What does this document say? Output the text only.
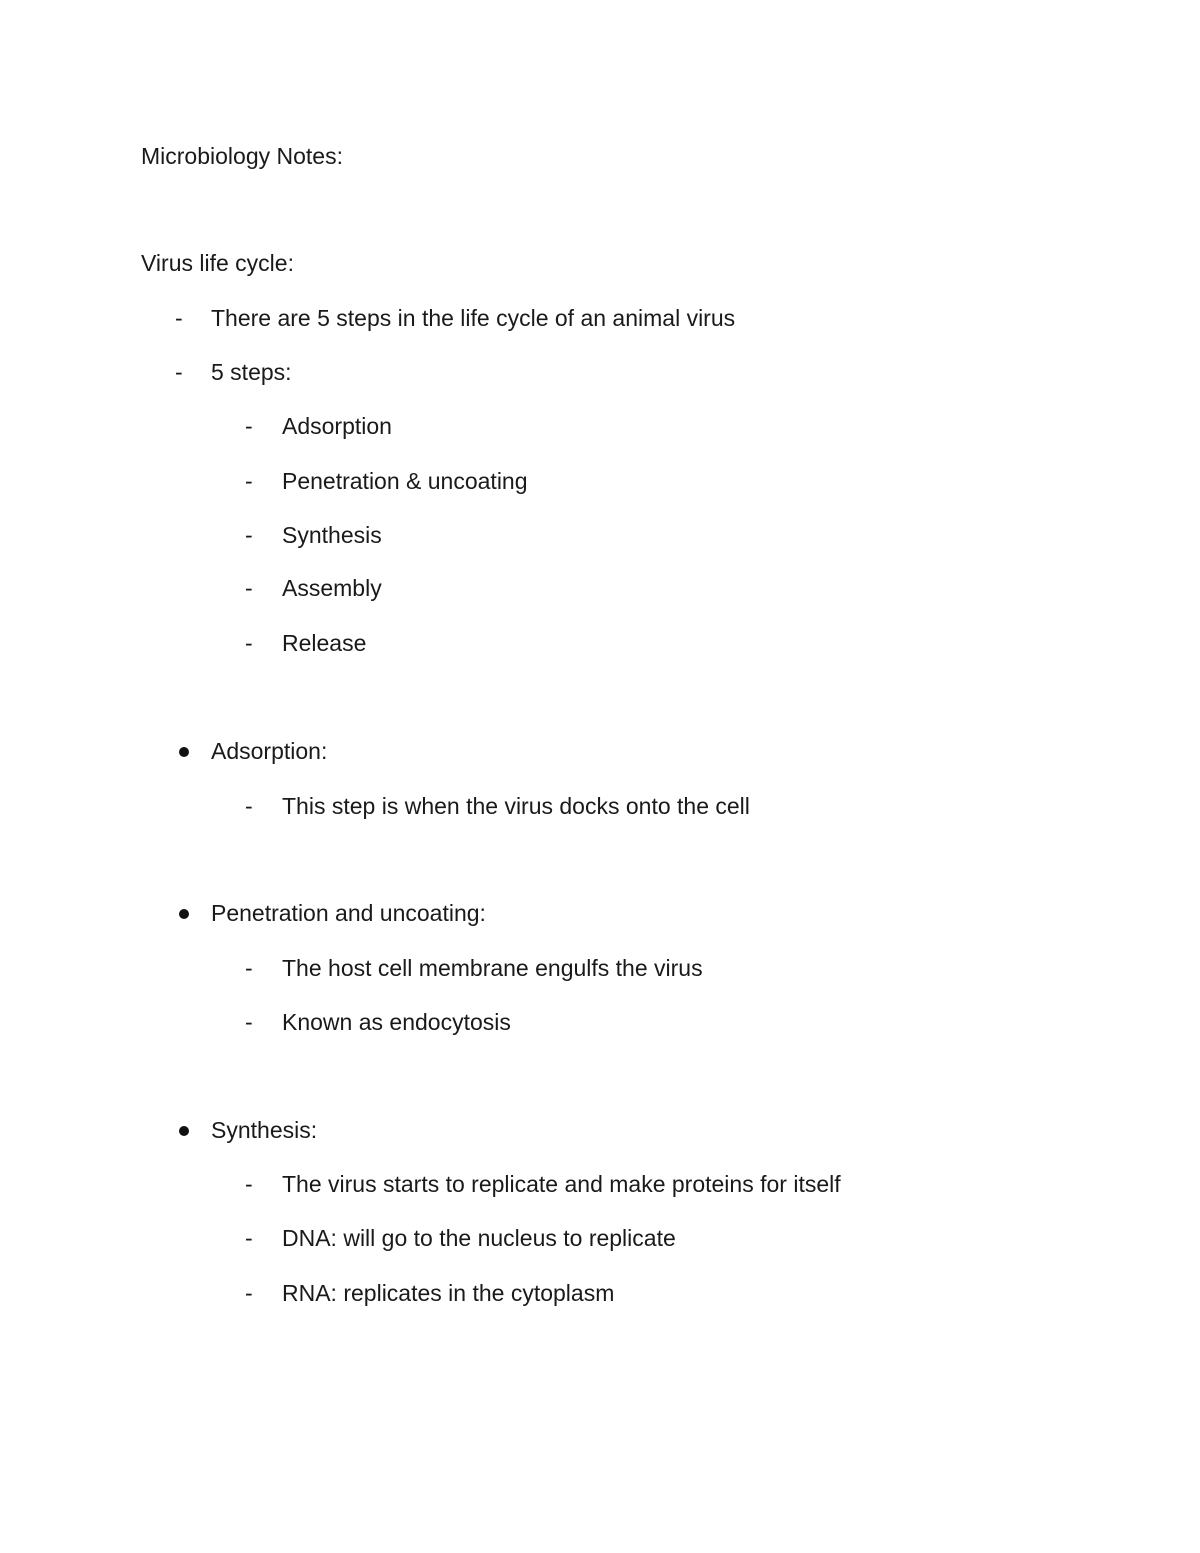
Microbiology Notes:
Virus life cycle:
- There are 5 steps in the life cycle of an animal virus
- 5 steps:
- Adsorption
- Penetration & uncoating
- Synthesis
- Assembly
- Release
Adsorption:
- This step is when the virus docks onto the cell
Penetration and uncoating:
- The host cell membrane engulfs the virus
- Known as endocytosis
Synthesis:
- The virus starts to replicate and make proteins for itself
- DNA: will go to the nucleus to replicate
- RNA: replicates in the cytoplasm
